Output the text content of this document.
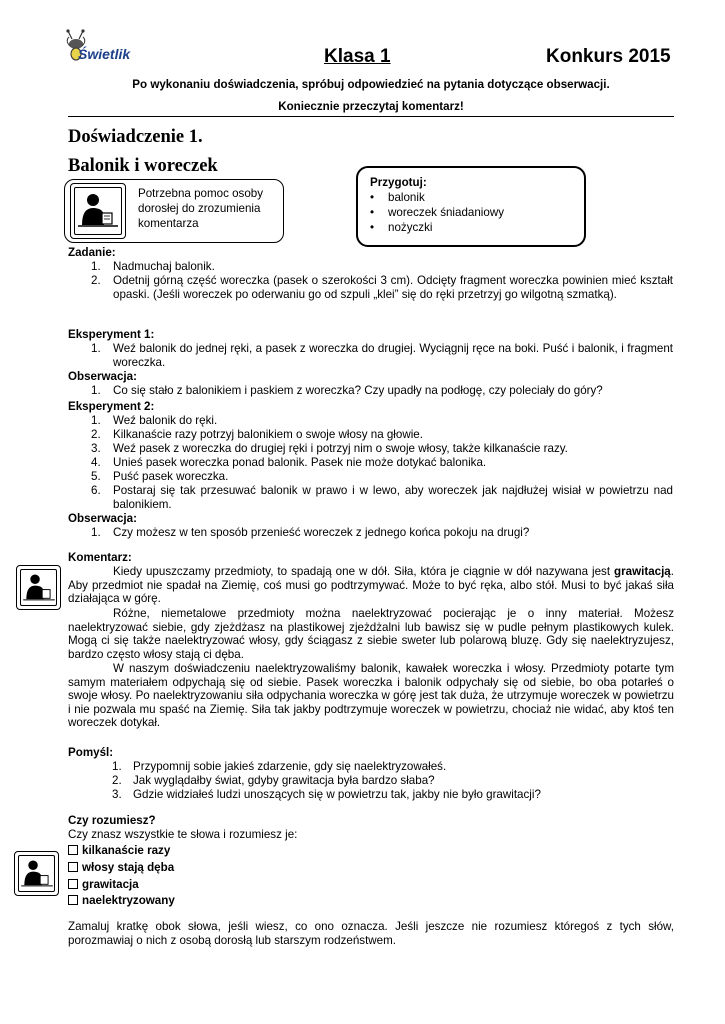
Świetlik	Klasa 1	Konkurs 2015
Po wykonaniu doświadczenia, spróbuj odpowiedzieć na pytania dotyczące obserwacji.
Koniecznie przeczytaj komentarz!
Doświadczenie 1.
Balonik i woreczek
Potrzebna pomoc osoby dorosłej do zrozumienia komentarza
Przygotuj:
balonik
woreczek śniadaniowy
nożyczki
Zadanie:
1.	Nadmuchaj balonik.
2.	Odetnij górną część woreczka (pasek o szerokości 3 cm). Odcięty fragment woreczka powinien mieć kształt opaski. (Jeśli woreczek po oderwaniu go od szpuli „klei” się do ręki przetrzyj go wilgotną szmatką).
Eksperyment 1:
1.	Weź balonik do jednej ręki, a pasek z woreczka do drugiej. Wyciągnij ręce na boki. Puść i balonik, i fragment woreczka.
Obserwacja:
1.	Co się stało z balonikiem i paskiem z woreczka? Czy upadły na podłogę, czy poleciały do góry?
Eksperyment 2:
1.	Weź balonik do ręki.
2.	Kilkanaście razy potrzyj balonikiem o swoje włosy na głowie.
3.	Weź pasek z woreczka do drugiej ręki i potrzyj nim o swoje włosy, także kilkanaście razy.
4.	Unieś pasek woreczka ponad balonik. Pasek nie może dotykać balonika.
5.	Puść pasek woreczka.
6.	Postaraj się tak przesuwać balonik w prawo i w lewo, aby woreczek jak najdłużej wisiał w powietrzu nad balonikiem.
Obserwacja:
1.	Czy możesz w ten sposób przenieść woreczek z jednego końca pokoju na drugi?
Komentarz:
Kiedy upuszczamy przedmioty, to spadają one w dół. Siła, która je ciągnie w dół nazywana jest grawitacją. Aby przedmiot nie spadał na Ziemię, coś musi go podtrzymywać. Może to być ręka, albo stół. Musi to być jakaś siła działająca w górę.
Różne, niemetalowe przedmioty można naelektryzować pocierając je o inny materiał. Możesz naelektryzować siebie, gdy zjeżdżasz na plastikowej zjeżdżalni lub bawisz się w pudle pełnym plastikowych kulek. Mogą ci się także naelektryzować włosy, gdy ściągasz z siebie sweter lub polarową bluzę. Gdy się naelektryzujesz, bardzo często włosy stają ci dęba.
W naszym doświadczeniu naelektryzowaliśmy balonik, kawałek woreczka i włosy. Przedmioty potarte tym samym materiałem odpychają się od siebie. Pasek woreczka i balonik odpychały się od siebie, bo oba potarłeś o swoje włosy. Po naelektryzowaniu siła odpychania woreczka w górę jest tak duża, że utrzymuje woreczek w powietrzu i nie pozwala mu spaść na Ziemię. Siła tak jakby podtrzymuje woreczek w powietrzu, chociaż nie widać, aby ktoś ten woreczek dotykał.
Pomyśl:
1. Przypomnij sobie jakieś zdarzenie, gdy się naelektryzowałeś.
2. Jak wyglądałby świat, gdyby grawitacja była bardzo słaba?
3. Gdzie widziałeś ludzi unoszących się w powietrzu tak, jakby nie było grawitacji?
Czy rozumiesz?
Czy znasz wszystkie te słowa i rozumiesz je:
kilkanaście razy
włosy stają dęba
grawitacja
naelektryzowany
Zamaluj kratkę obok słowa, jeśli wiesz, co ono oznacza. Jeśli jeszcze nie rozumiesz któregoś z tych słów, porozmawiaj o nich z osobą dorosłą lub starszym rodzeństwem.
